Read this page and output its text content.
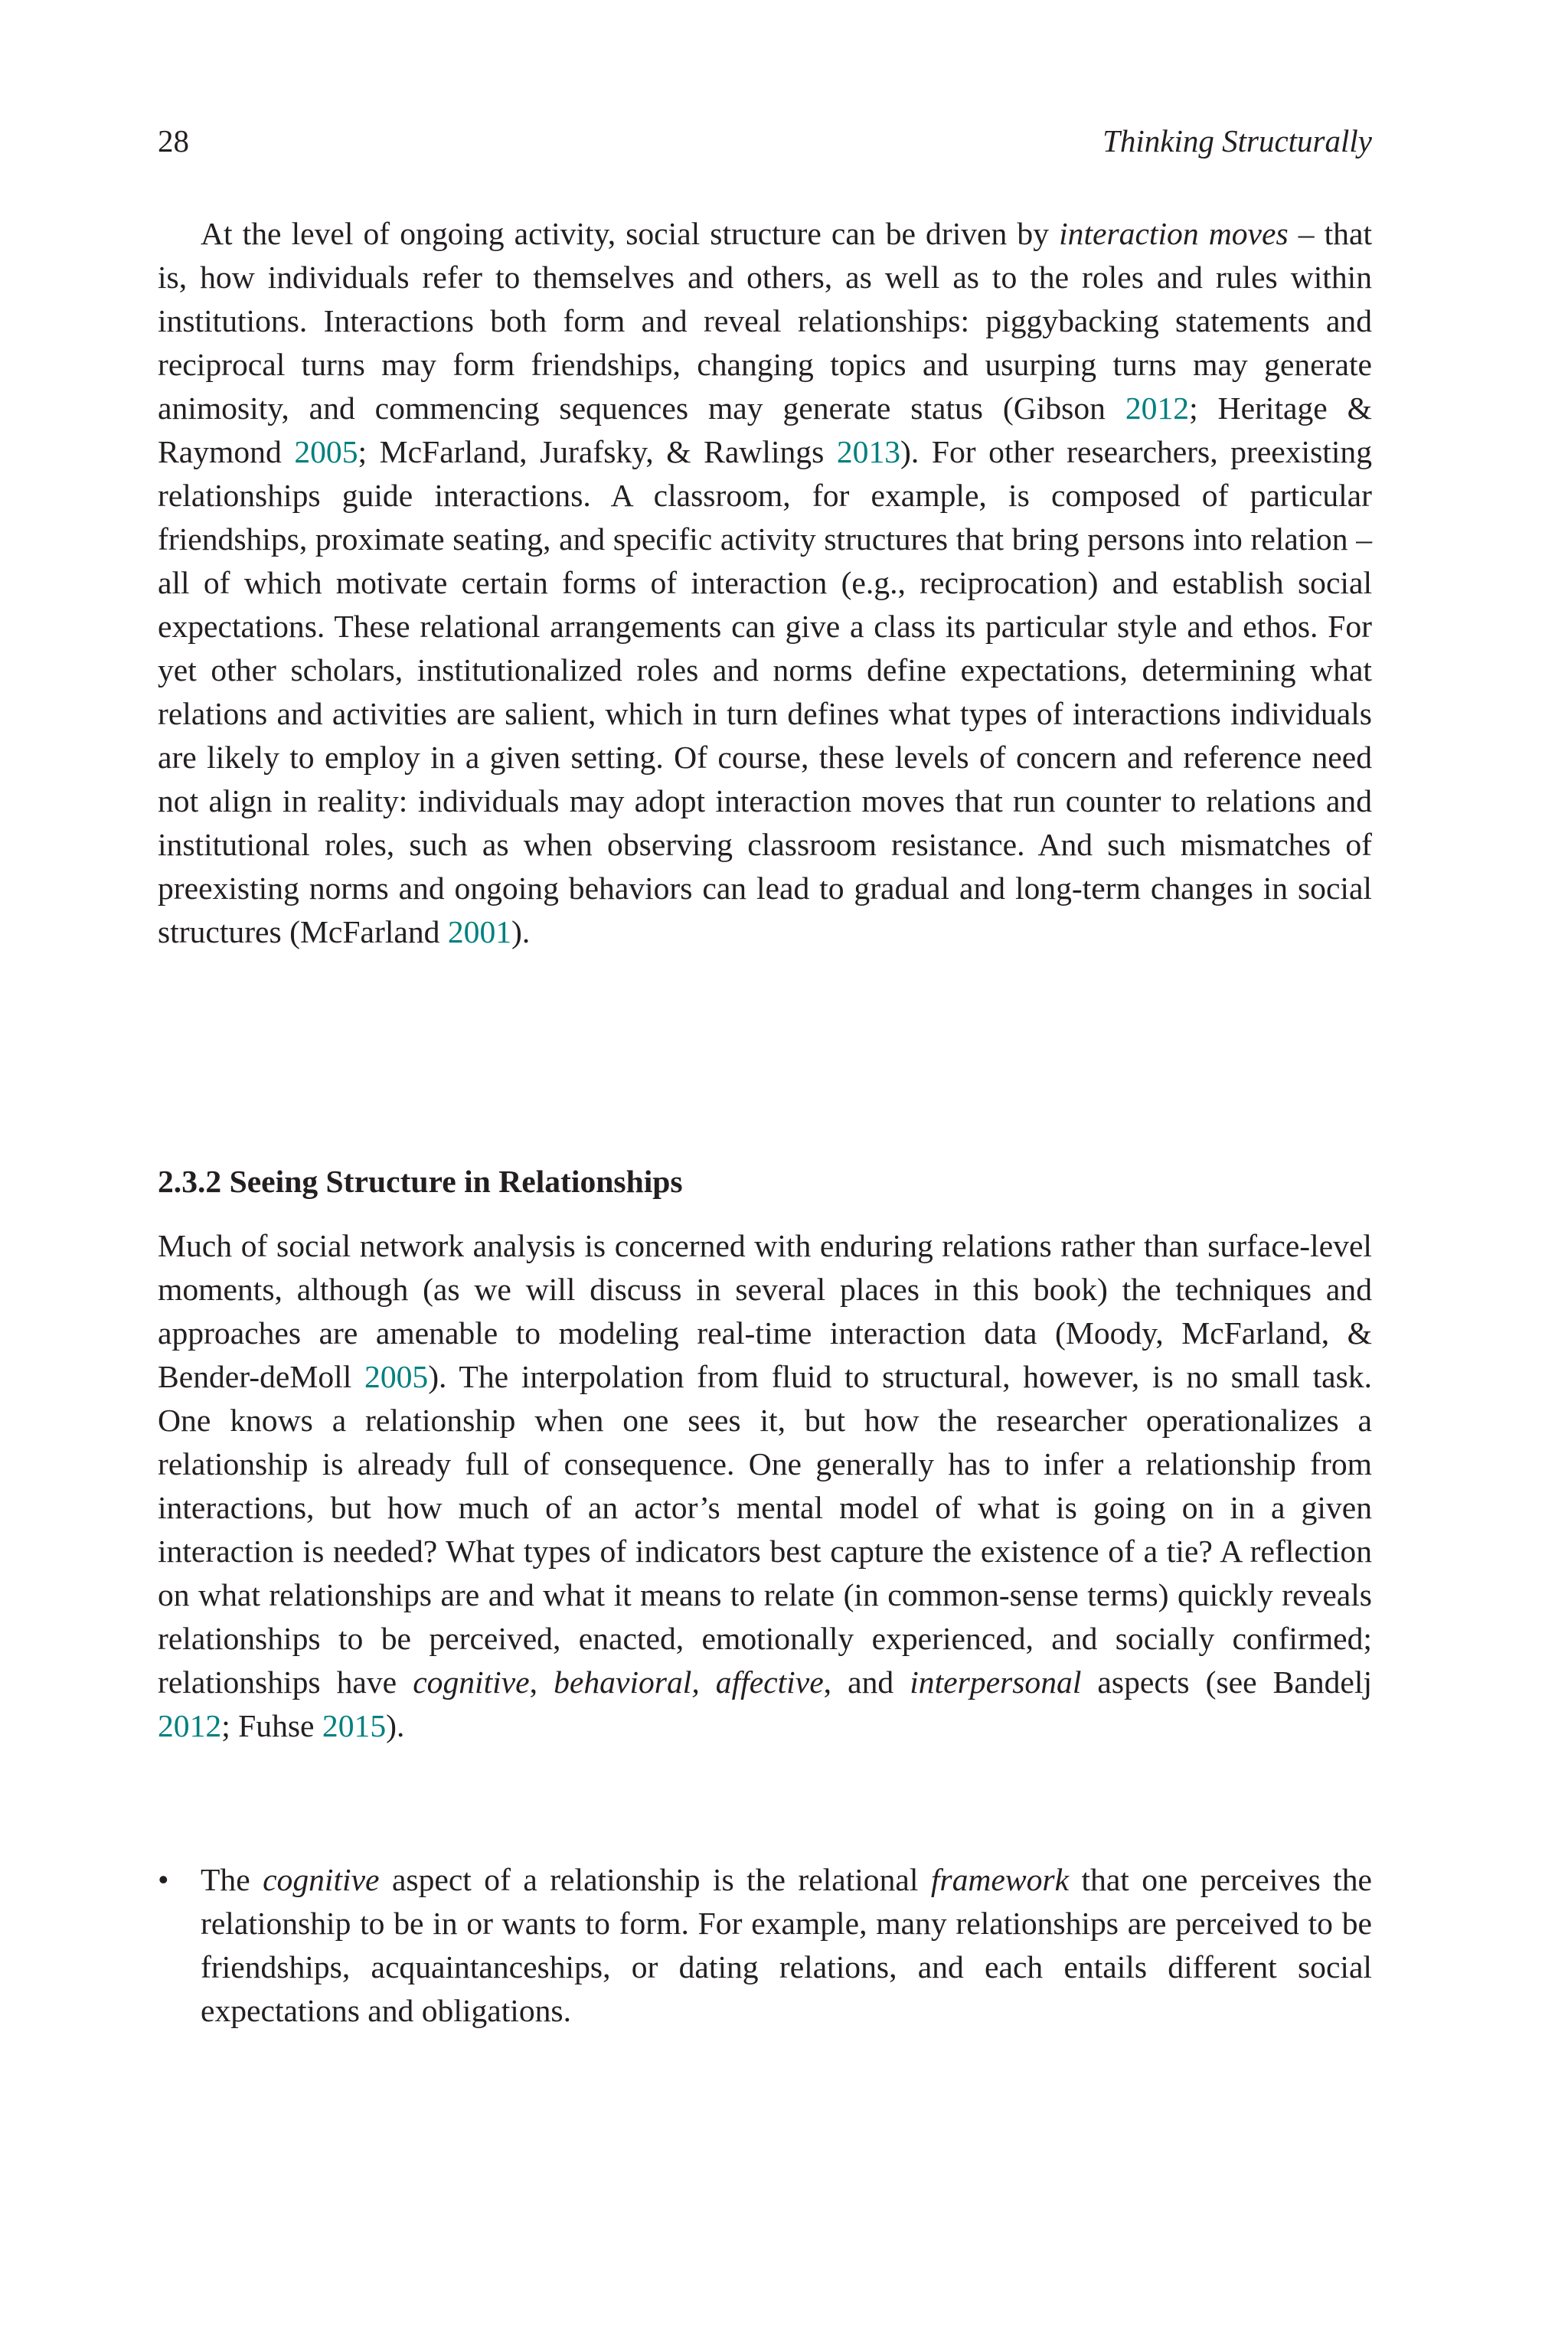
28	Thinking Structurally

At the level of ongoing activity, social structure can be driven by interaction moves – that is, how individuals refer to themselves and others, as well as to the roles and rules within institutions. Interactions both form and reveal relationships: piggybacking statements and reciprocal turns may form friendships, changing topics and usurping turns may generate animosity, and commencing sequences may generate status (Gibson 2012; Heritage & Raymond 2005; McFarland, Jurafsky, & Rawlings 2013). For other researchers, preexisting relationships guide interactions. A classroom, for example, is composed of particular friendships, proximate seating, and specific activity structures that bring persons into relation – all of which motivate certain forms of interaction (e.g., reciprocation) and establish social expectations. These relational arrangements can give a class its particular style and ethos. For yet other scholars, institutionalized roles and norms define expectations, determining what relations and activities are salient, which in turn defines what types of interactions individuals are likely to employ in a given setting. Of course, these levels of concern and reference need not align in reality: individuals may adopt interaction moves that run counter to relations and institutional roles, such as when observing classroom resistance. And such mismatches of preexisting norms and ongoing behaviors can lead to gradual and long-term changes in social structures (McFarland 2001).

2.3.2 Seeing Structure in Relationships

Much of social network analysis is concerned with enduring relations rather than surface-level moments, although (as we will discuss in several places in this book) the techniques and approaches are amenable to modeling real-time interaction data (Moody, McFarland, & Bender-deMoll 2005). The interpolation from fluid to structural, however, is no small task. One knows a relationship when one sees it, but how the researcher operationalizes a relationship is already full of consequence. One generally has to infer a relationship from interactions, but how much of an actor’s mental model of what is going on in a given interaction is needed? What types of indicators best capture the existence of a tie? A reflection on what relationships are and what it means to relate (in common-sense terms) quickly reveals relationships to be perceived, enacted, emotionally experienced, and socially confirmed; relationships have cognitive, behavioral, affective, and interpersonal aspects (see Bandelj 2012; Fuhse 2015).

• The cognitive aspect of a relationship is the relational framework that one perceives the relationship to be in or wants to form. For example, many relationships are perceived to be friendships, acquaintanceships, or dating relations, and each entails different social expectations and obligations.
